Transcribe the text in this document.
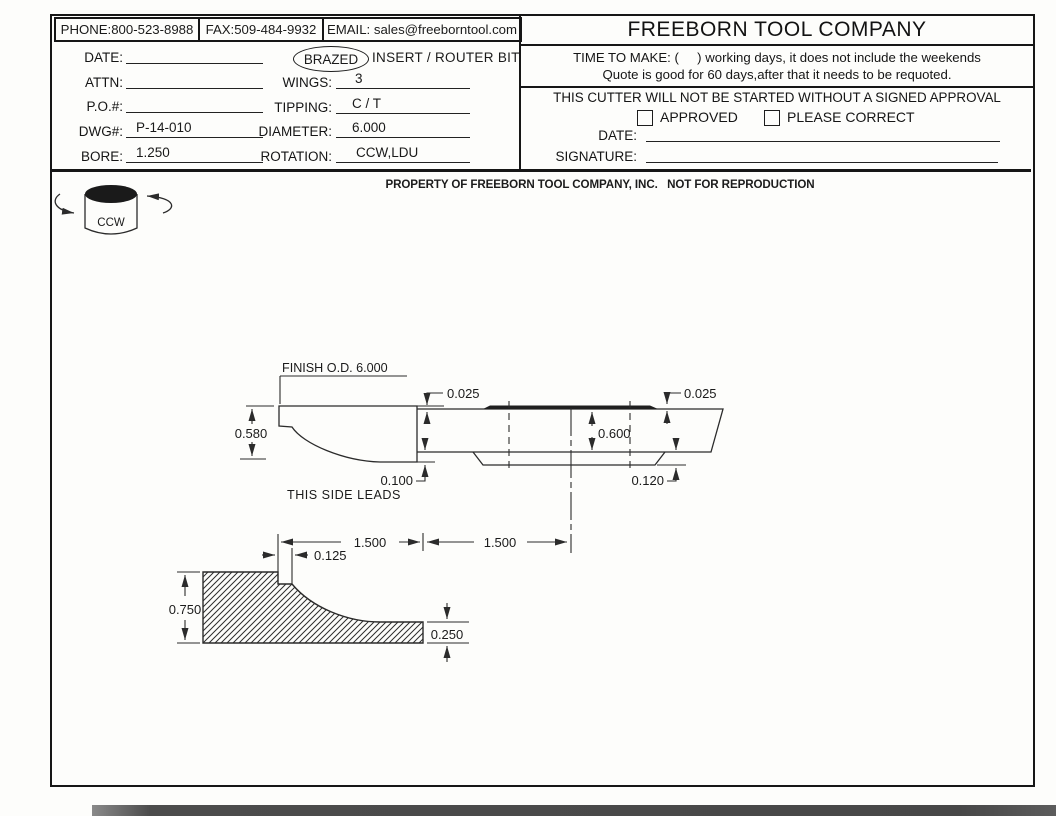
PHONE:800-523-8988 FAX:509-484-9932 EMAIL: sales@freeborntool.com	FREEBORN TOOL COMPANY
TIME TO MAKE: (     ) working days, it does not include the weekends
Quote is good for 60 days,after that it needs to be requoted.
THIS CUTTER WILL NOT BE STARTED WITHOUT A SIGNED APPROVAL
APPROVED	PLEASE CORRECT
DATE:
SIGNATURE:
DATE:
ATTN:
P.O.#:
DWG#: P-14-010
BORE: 1.250
BRAZED	INSERT / ROUTER BIT
WINGS: 3
TIPPING: C / T
DIAMETER: 6.000
ROTATION: CCW,LDU
PROPERTY OF FREEBORN TOOL COMPANY, INC.   NOT FOR REPRODUCTION
CCW
FINISH O.D. 6.000
0.580
0.025	0.025
0.600
0.100	0.120
THIS SIDE LEADS
1.500	1.500
0.125
0.750
0.250
